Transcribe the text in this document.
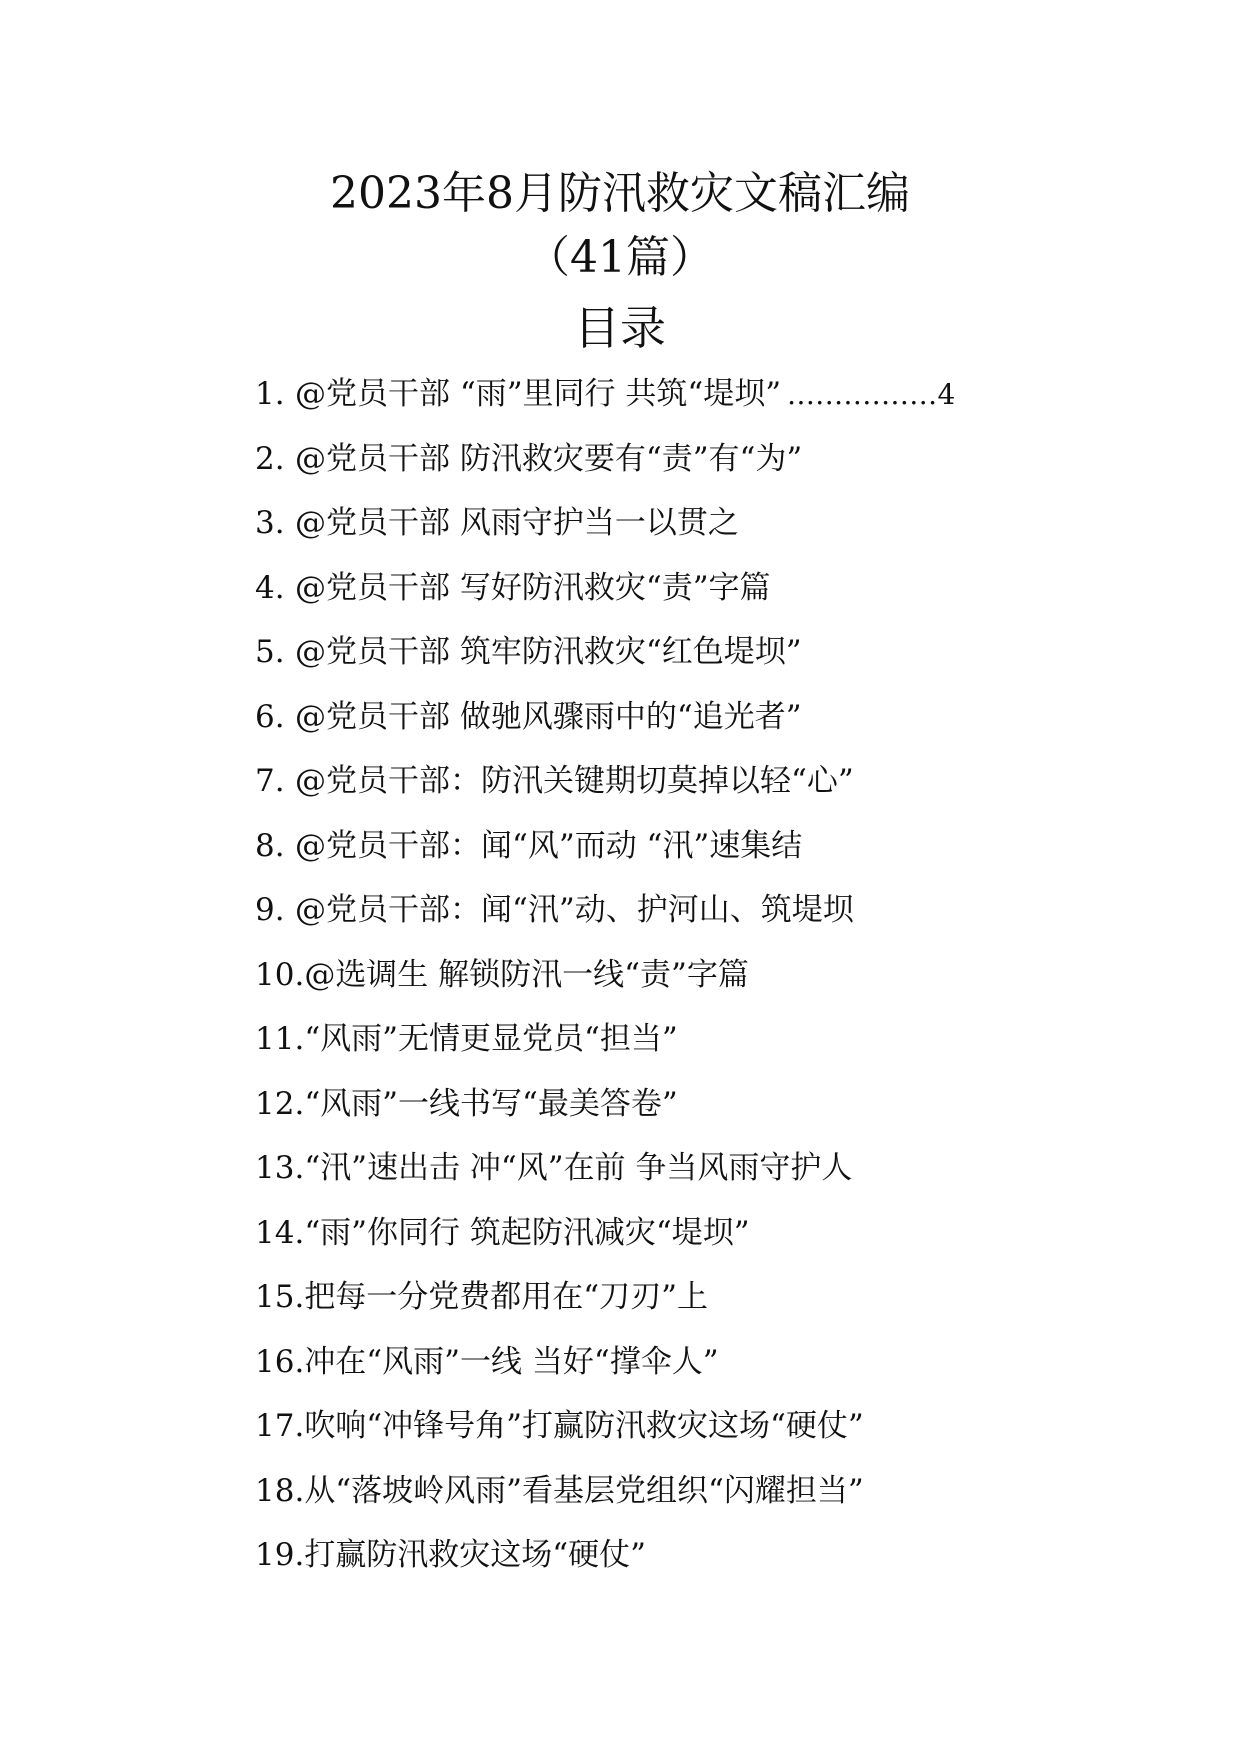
2023年8月防汛救灾文稿汇编
（41篇）
目录
1. @党员干部 “雨”里同行 共筑“堤坝” ................ 4
2. @党员干部 防汛救灾要有“责”有“为”
3. @党员干部 风雨守护当一以贯之
4. @党员干部 写好防汛救灾“责”字篇
5. @党员干部 筑牢防汛救灾“红色堤坝”
6. @党员干部 做驰风骤雨中的“追光者”
7. @党员干部：防汛关键期切莫掉以轻“心”
8. @党员干部：闻“风”而动 “汛”速集结
9. @党员干部：闻“汛”动、护河山、筑堤坝
10. @选调生 解锁防汛一线“责”字篇
11. “风雨”无情更显党员“担当”
12. “风雨”一线书写“最美答卷”
13. “汛”速出击 冲“风”在前 争当风雨守护人
14. “雨”你同行 筑起防汛减灾“堤坝”
15. 把每一分党费都用在“刀刃”上
16. 冲在“风雨”一线 当好“撑伞人”
17. 吹响“冲锋号角”打赢防汛救灾这场“硬仗”
18. 从“落坡岭风雨”看基层党组织“闪耀担当”
19. 打赢防汛救灾这场“硬仗”
